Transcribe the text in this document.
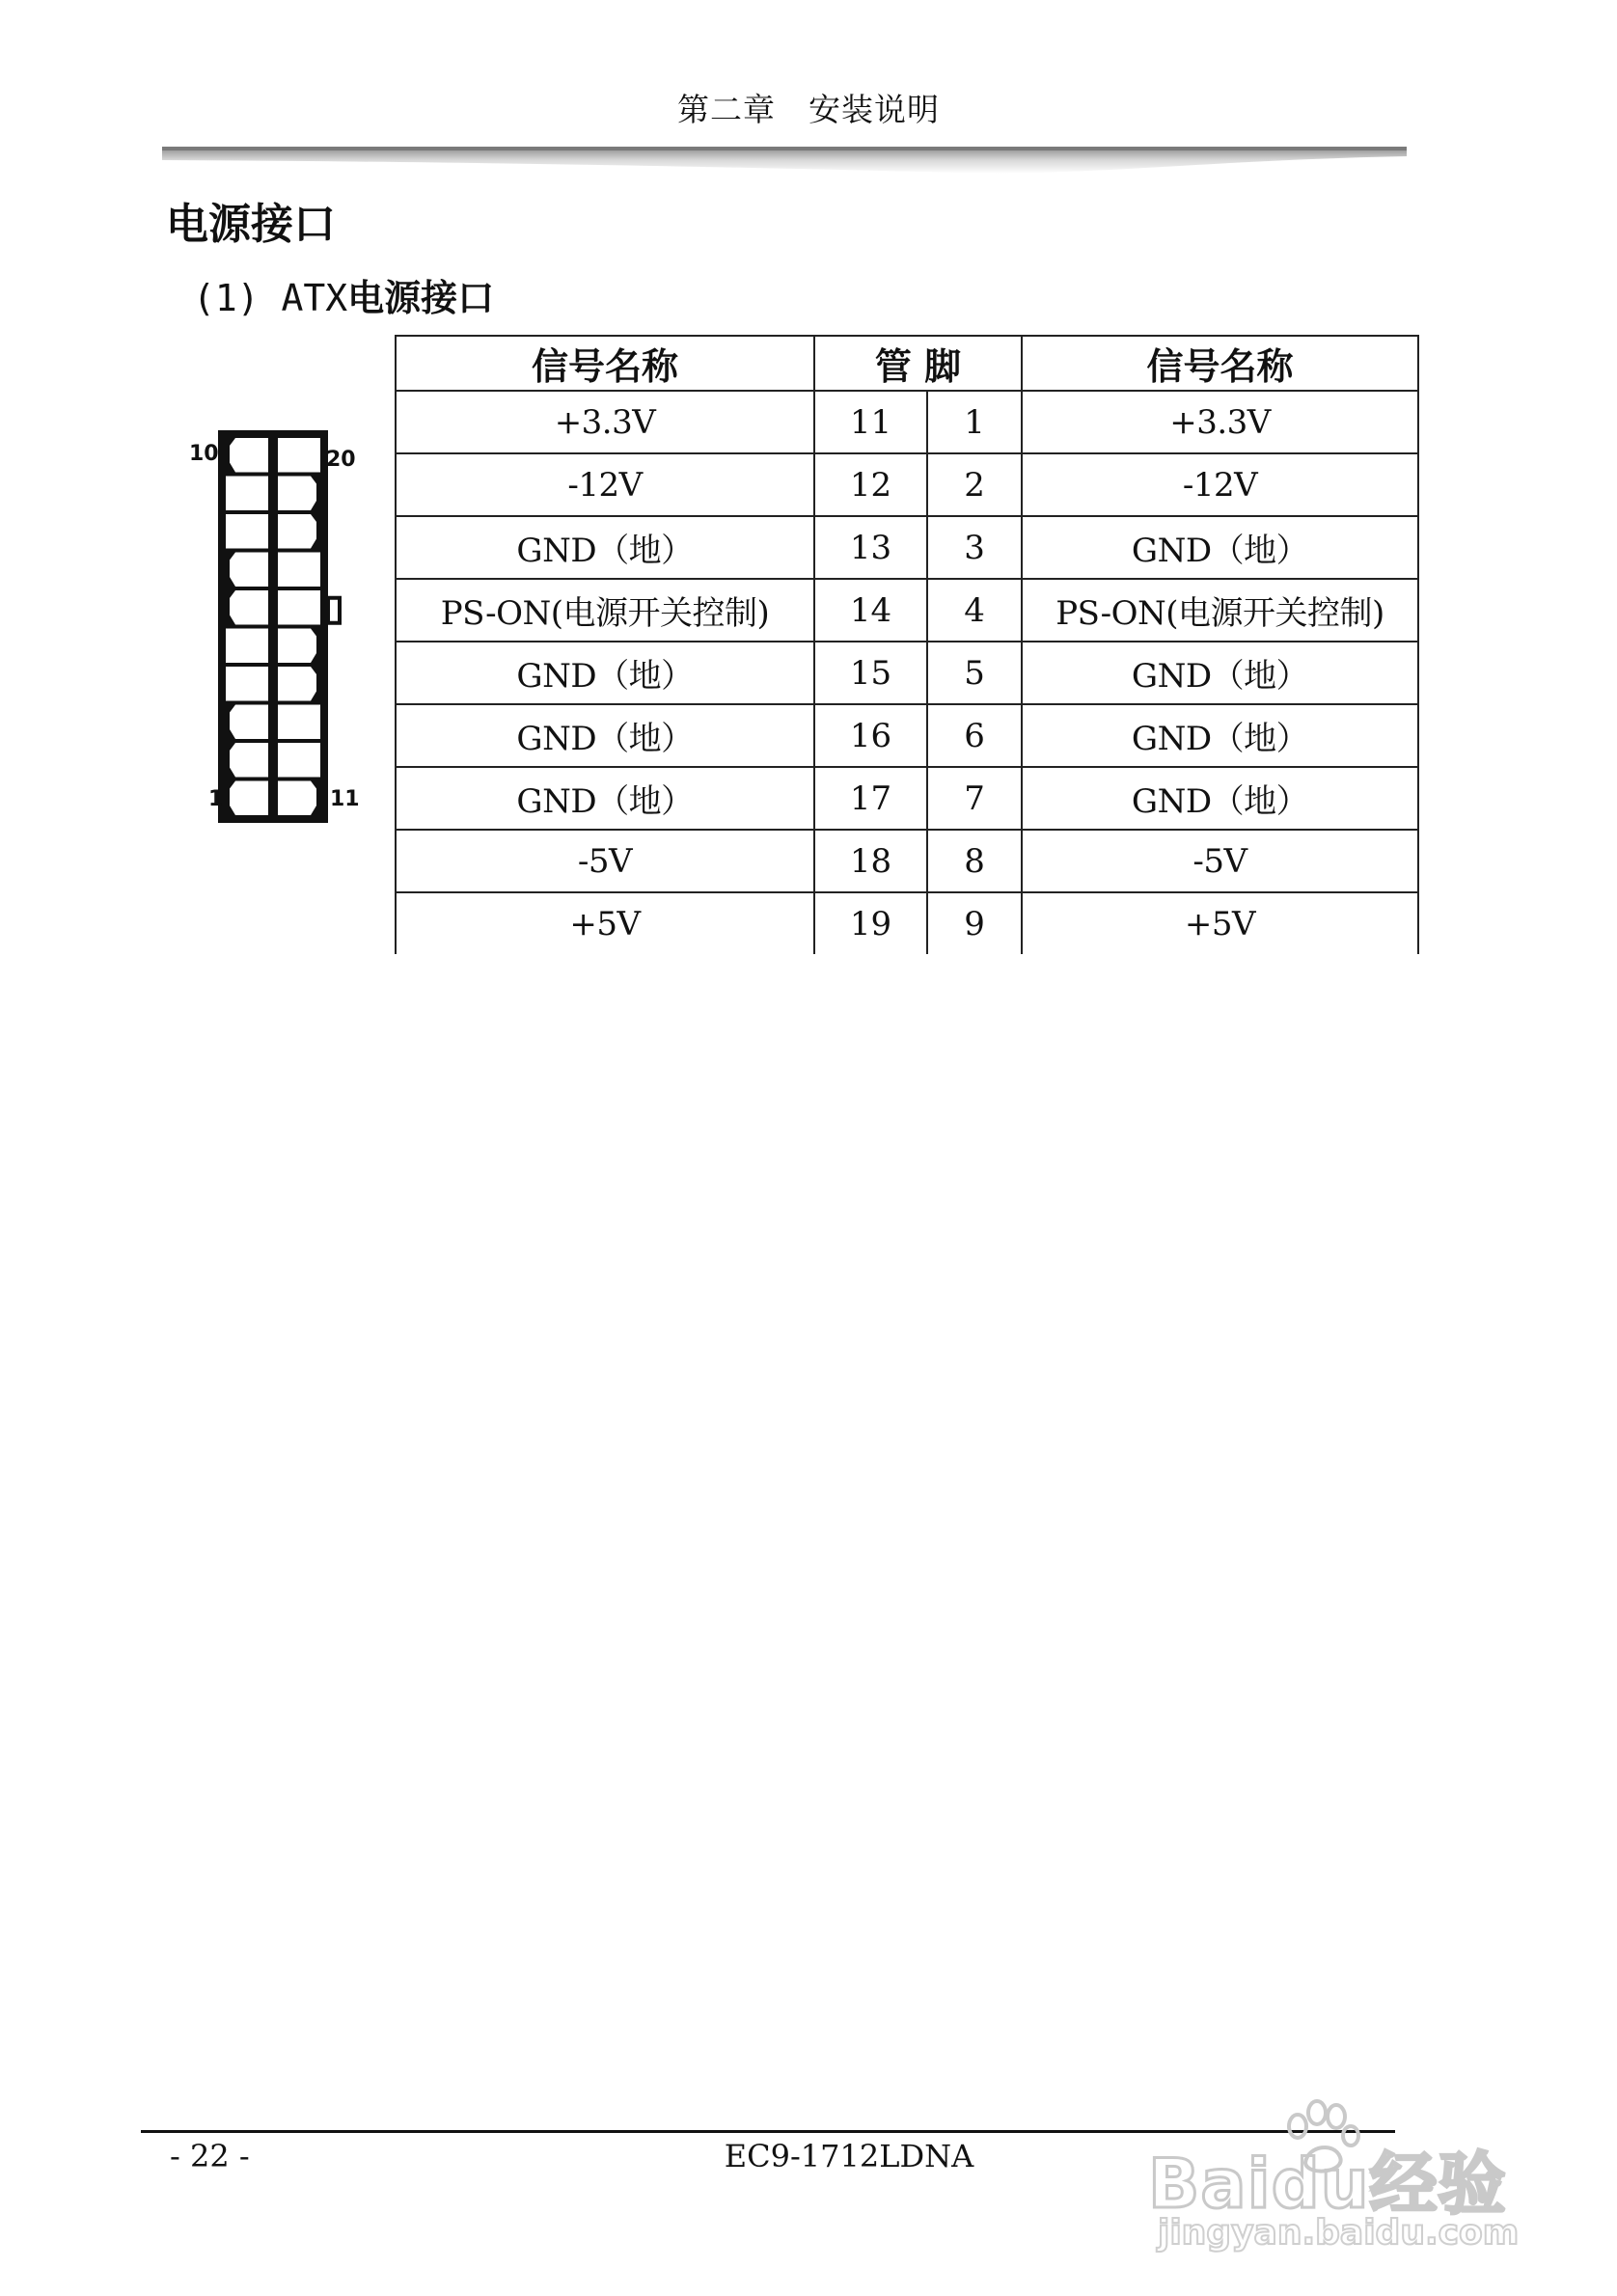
第二章　安装说明
电源接口
(1) ATX电源接口
10	20
1	11
信号名称	管 脚		信号名称
+3.3V	11	1	+3.3V
-12V	12	2	-12V
GND（地）	13	3	GND（地）
PS-ON(电源开关控制)	14	4	PS-ON(电源开关控制)
GND（地）	15	5	GND（地）
GND（地）	16	6	GND（地）
GND（地）	17	7	GND（地）
-5V	18	8	-5V
+5V	19	9	+5V
- 22 -	EC9-1712LDNA	Baidu经验
jingyan.baidu.com
